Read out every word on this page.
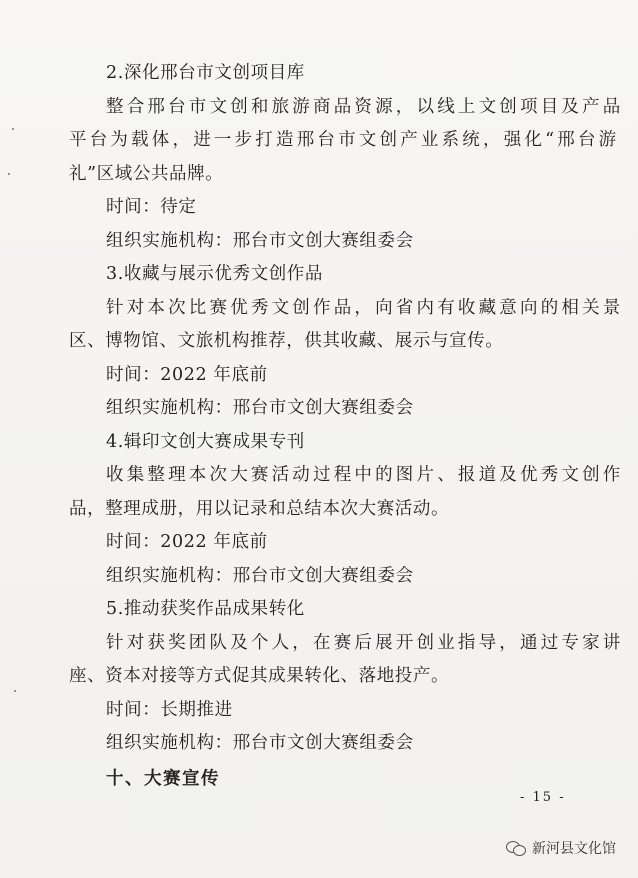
2.深化邢台市文创项目库
整合邢台市文创和旅游商品资源，以线上文创项目及产品
平台为载体，进一步打造邢台市文创产业系统，强化“邢台游
礼”区域公共品牌。
时间：待定
组织实施机构：邢台市文创大赛组委会
3.收藏与展示优秀文创作品
针对本次比赛优秀文创作品，向省内有收藏意向的相关景
区、博物馆、文旅机构推荐，供其收藏、展示与宣传。
时间：2022 年底前
组织实施机构：邢台市文创大赛组委会
4.辑印文创大赛成果专刊
收集整理本次大赛活动过程中的图片、报道及优秀文创作
品，整理成册，用以记录和总结本次大赛活动。
时间：2022 年底前
组织实施机构：邢台市文创大赛组委会
5.推动获奖作品成果转化
针对获奖团队及个人，在赛后展开创业指导，通过专家讲
座、资本对接等方式促其成果转化、落地投产。
时间：长期推进
组织实施机构：邢台市文创大赛组委会
十、大赛宣传
- 15 -
新河县文化馆
